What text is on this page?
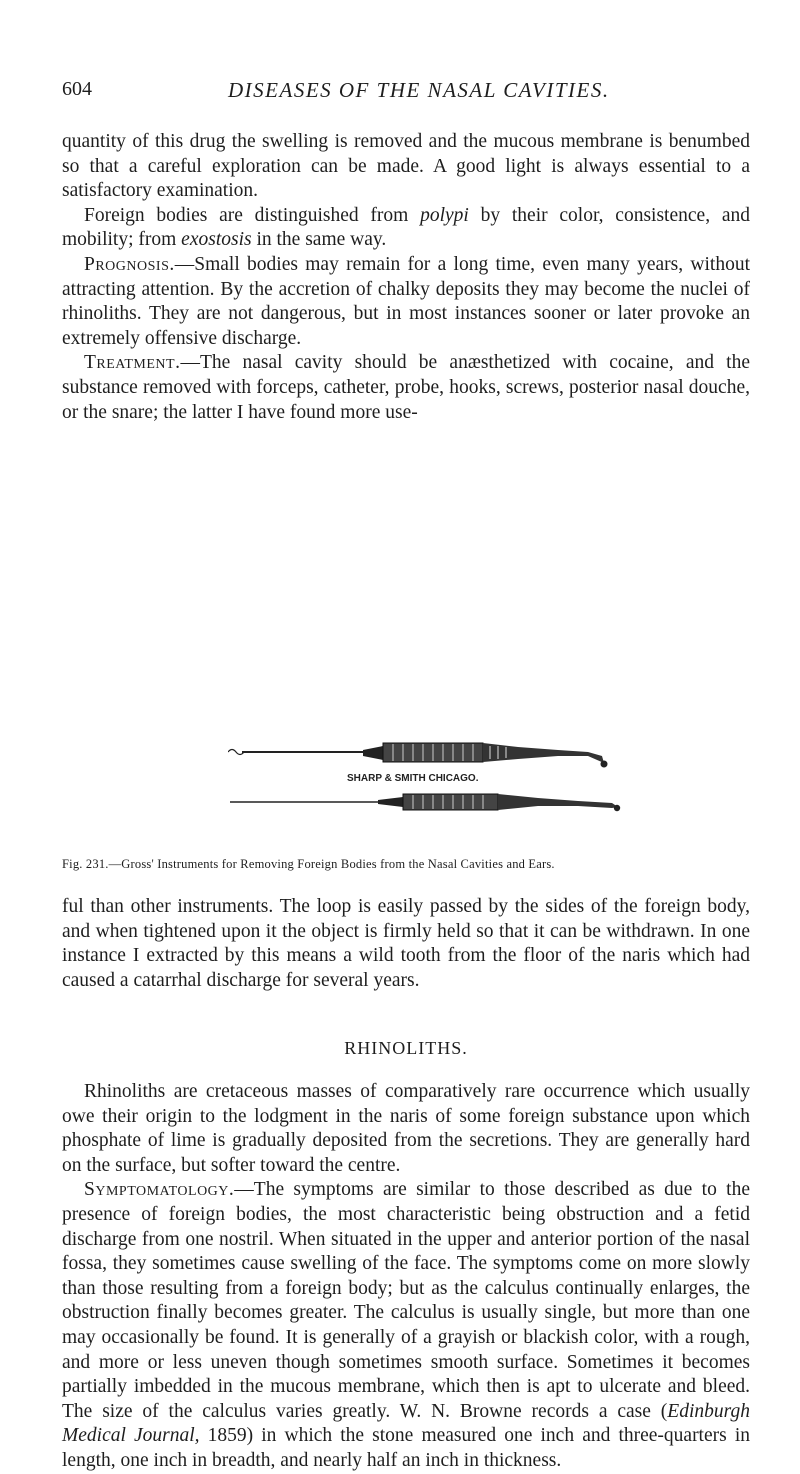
604	DISEASES OF THE NASAL CAVITIES.

quantity of this drug the swelling is removed and the mucous membrane is benumbed so that a careful exploration can be made. A good light is always essential to a satisfactory examination.

Foreign bodies are distinguished from polypi by their color, consistence, and mobility; from exostosis in the same way.

Prognosis.—Small bodies may remain for a long time, even many years, without attracting attention. By the accretion of chalky deposits they may become the nuclei of rhinoliths. They are not dangerous, but in most instances sooner or later provoke an extremely offensive discharge.

Treatment.—The nasal cavity should be anæsthetized with cocaine, and the substance removed with forceps, catheter, probe, hooks, screws, posterior nasal douche, or the snare; the latter I have found more use-

SHARP & SMITH CHICAGO.
Fig. 231.—Gross' Instruments for Removing Foreign Bodies from the Nasal Cavities and Ears.

ful than other instruments. The loop is easily passed by the sides of the foreign body, and when tightened upon it the object is firmly held so that it can be withdrawn. In one instance I extracted by this means a wild tooth from the floor of the naris which had caused a catarrhal discharge for several years.

RHINOLITHS.

Rhinoliths are cretaceous masses of comparatively rare occurrence which usually owe their origin to the lodgment in the naris of some foreign substance upon which phosphate of lime is gradually deposited from the secretions. They are generally hard on the surface, but softer toward the centre.

Symptomatology.—The symptoms are similar to those described as due to the presence of foreign bodies, the most characteristic being obstruction and a fetid discharge from one nostril. When situated in the upper and anterior portion of the nasal fossa, they sometimes cause swelling of the face. The symptoms come on more slowly than those resulting from a foreign body; but as the calculus continually enlarges, the obstruction finally becomes greater. The calculus is usually single, but more than one may occasionally be found. It is generally of a grayish or blackish color, with a rough, and more or less uneven though sometimes smooth surface. Sometimes it becomes partially imbedded in the mucous membrane, which then is apt to ulcerate and bleed. The size of the calculus varies greatly. W. N. Browne records a case (Edinburgh Medical Journal, 1859) in which the stone measured one inch and three-quarters in length, one inch in breadth, and nearly half an inch in thickness.
